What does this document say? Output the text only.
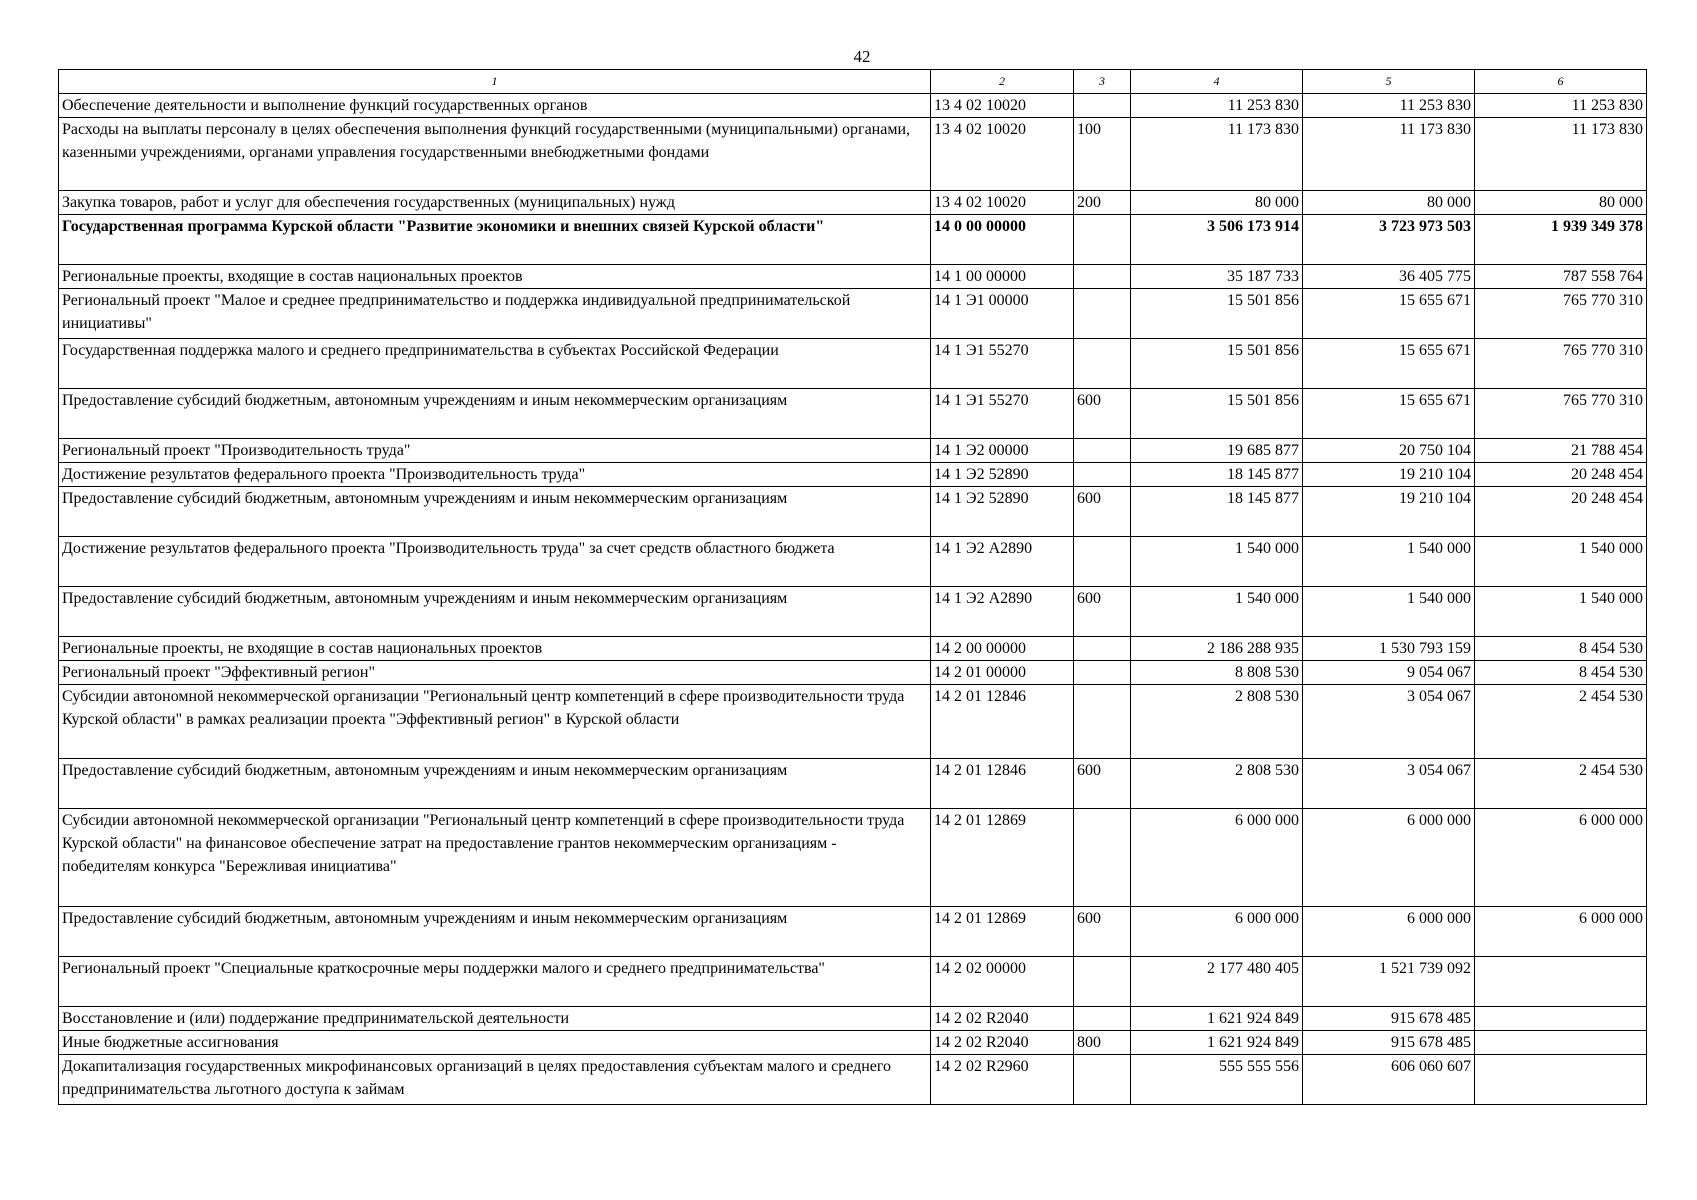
42
1	2	3	4	5	6
Обеспечение деятельности и выполнение функций государственных органов	13 4 02 10020		11 253 830	11 253 830	11 253 830
Расходы на выплаты персоналу в целях обеспечения выполнения функций государственными (муниципальными) органами, казенными учреждениями, органами управления государственными внебюджетными фондами	13 4 02 10020	100	11 173 830	11 173 830	11 173 830
Закупка товаров, работ и услуг для обеспечения государственных (муниципальных) нужд	13 4 02 10020	200	80 000	80 000	80 000
Государственная программа Курской области "Развитие экономики и внешних связей Курской области"	14 0 00 00000		3 506 173 914	3 723 973 503	1 939 349 378
Региональные проекты, входящие в состав национальных проектов	14 1 00 00000		35 187 733	36 405 775	787 558 764
Региональный проект "Малое и среднее предпринимательство и поддержка индивидуальной предпринимательской инициативы"	14 1 Э1 00000		15 501 856	15 655 671	765 770 310
Государственная поддержка малого и среднего предпринимательства в субъектах Российской Федерации	14 1 Э1 55270		15 501 856	15 655 671	765 770 310
Предоставление субсидий бюджетным, автономным учреждениям и иным некоммерческим организациям	14 1 Э1 55270	600	15 501 856	15 655 671	765 770 310
Региональный проект "Производительность труда"	14 1 Э2 00000		19 685 877	20 750 104	21 788 454
Достижение результатов федерального проекта "Производительность труда"	14 1 Э2 52890		18 145 877	19 210 104	20 248 454
Предоставление субсидий бюджетным, автономным учреждениям и иным некоммерческим организациям	14 1 Э2 52890	600	18 145 877	19 210 104	20 248 454
Достижение результатов федерального проекта "Производительность труда" за счет средств областного бюджета	14 1 Э2 А2890		1 540 000	1 540 000	1 540 000
Предоставление субсидий бюджетным, автономным учреждениям и иным некоммерческим организациям	14 1 Э2 А2890	600	1 540 000	1 540 000	1 540 000
Региональные проекты, не входящие в состав национальных проектов	14 2 00 00000		2 186 288 935	1 530 793 159	8 454 530
Региональный проект "Эффективный регион"	14 2 01 00000		8 808 530	9 054 067	8 454 530
Субсидии автономной некоммерческой организации "Региональный центр компетенций в сфере производительности труда Курской области" в рамках реализации проекта "Эффективный регион" в Курской области	14 2 01 12846		2 808 530	3 054 067	2 454 530
Предоставление субсидий бюджетным, автономным учреждениям и иным некоммерческим организациям	14 2 01 12846	600	2 808 530	3 054 067	2 454 530
Субсидии автономной некоммерческой организации "Региональный центр компетенций в сфере производительности труда Курской области" на финансовое обеспечение затрат на предоставление грантов некоммерческим организациям - победителям конкурса "Бережливая инициатива"	14 2 01 12869		6 000 000	6 000 000	6 000 000
Предоставление субсидий бюджетным, автономным учреждениям и иным некоммерческим организациям	14 2 01 12869	600	6 000 000	6 000 000	6 000 000
Региональный проект "Специальные краткосрочные меры поддержки малого и среднего предпринимательства"	14 2 02 00000		2 177 480 405	1 521 739 092	
Восстановление и (или) поддержание предпринимательской деятельности	14 2 02 R2040		1 621 924 849	915 678 485	
Иные бюджетные ассигнования	14 2 02 R2040	800	1 621 924 849	915 678 485	
Докапитализация государственных микрофинансовых организаций в целях предоставления субъектам малого и среднего предпринимательства льготного доступа к займам	14 2 02 R2960		555 555 556	606 060 607	
